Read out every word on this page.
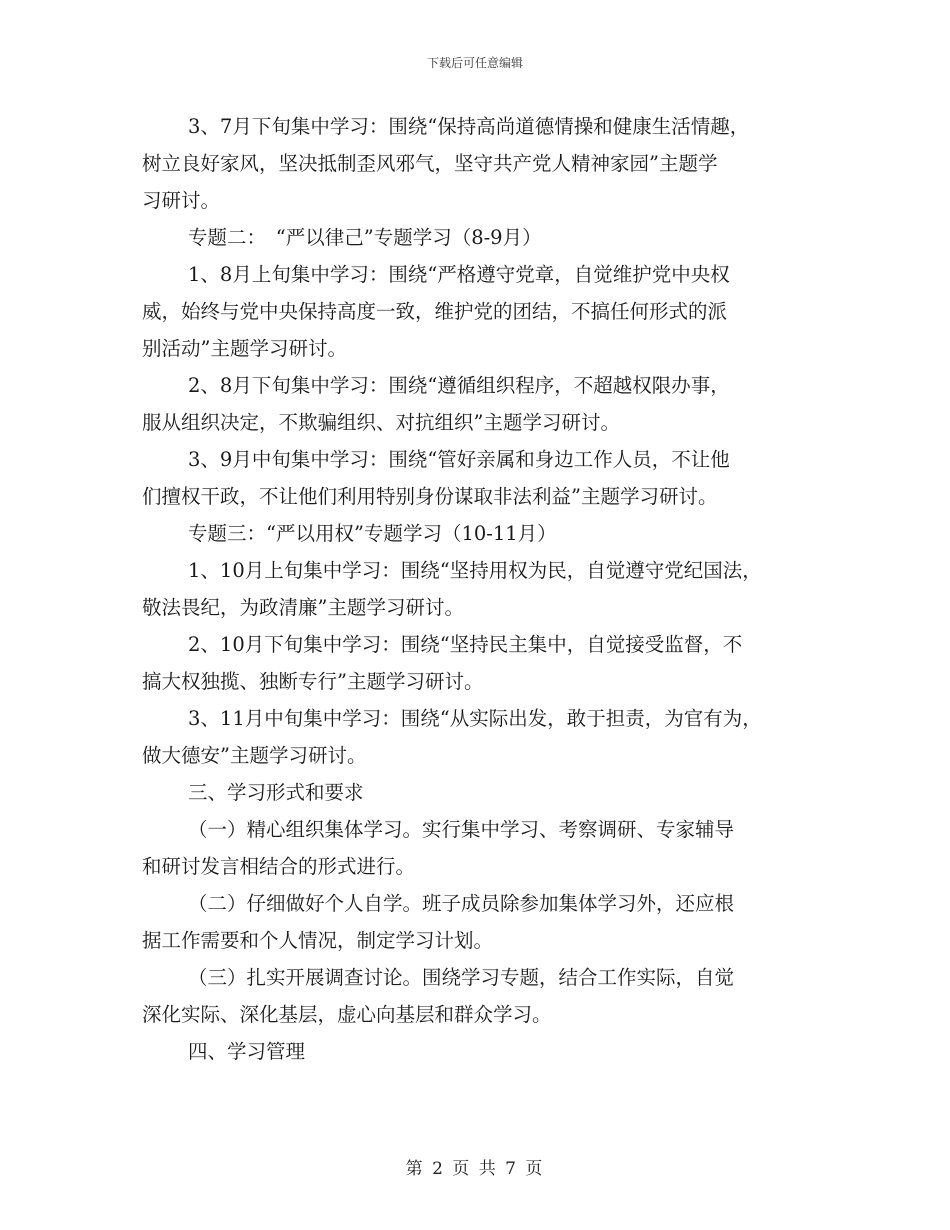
下载后可任意编辑

3、7月下旬集中学习：围绕“保持高尚道德情操和健康生活情趣，
树立良好家风，坚决抵制歪风邪气，坚守共产党人精神家园”主题学
习研讨。

专题二：　“严以律己”专题学习（8-9月）

1、8月上旬集中学习：围绕“严格遵守党章，自觉维护党中央权
威，始终与党中央保持高度一致，维护党的团结，不搞任何形式的派
别活动”主题学习研讨。

2、8月下旬集中学习：围绕“遵循组织程序，不超越权限办事，
服从组织决定，不欺骗组织、对抗组织”主题学习研讨。

3、9月中旬集中学习：围绕“管好亲属和身边工作人员，不让他
们擅权干政，不让他们利用特别身份谋取非法利益”主题学习研讨。

专题三：“严以用权”专题学习（10-11月）

1、10月上旬集中学习：围绕“坚持用权为民，自觉遵守党纪国法，
敬法畏纪，为政清廉”主题学习研讨。

2、10月下旬集中学习：围绕“坚持民主集中，自觉接受监督，不
搞大权独揽、独断专行”主题学习研讨。

3、11月中旬集中学习：围绕“从实际出发，敢于担责，为官有为，
做大德安”主题学习研讨。

三、学习形式和要求

（一）精心组织集体学习。实行集中学习、考察调研、专家辅导
和研讨发言相结合的形式进行。

（二）仔细做好个人自学。班子成员除参加集体学习外，还应根
据工作需要和个人情况，制定学习计划。

（三）扎实开展调查讨论。围绕学习专题，结合工作实际，自觉
深化实际、深化基层，虚心向基层和群众学习。

四、学习管理

第 2 页 共 7 页
